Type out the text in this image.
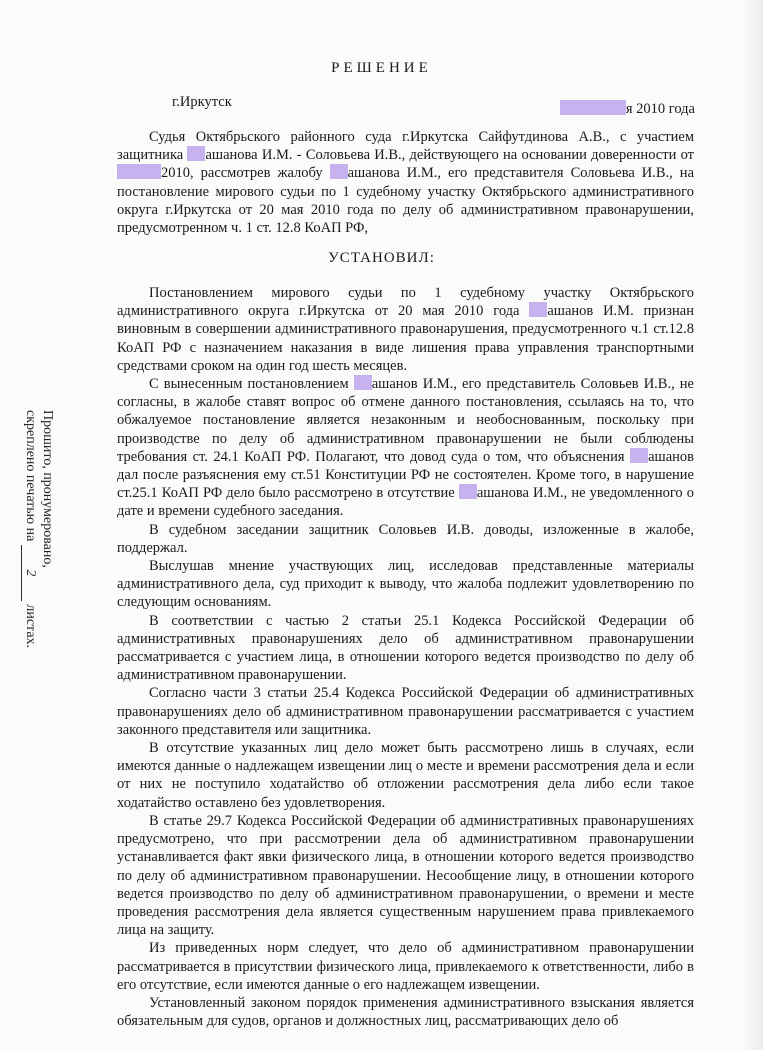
РЕШЕНИЕ
г.Иркутск	я 2010 года

Судья Октябрьского районного суда г.Иркутска Сайфутдинова А.В., с участием защитника ашанова И.М. - Соловьева И.В., действующего на основании доверенности от 2010, рассмотрев жалобу ашанова И.М., его представителя Соловьева И.В., на постановление мирового судьи по 1 судебному участку Октябрьского административного округа г.Иркутска от 20 мая 2010 года по делу об административном правонарушении, предусмотренном ч. 1 ст. 12.8 КоАП РФ,

УСТАНОВИЛ:

Постановлением мирового судьи по 1 судебному участку Октябрьского административного округа г.Иркутска от 20 мая 2010 года ашанов И.М. признан виновным в совершении административного правонарушения, предусмотренного ч.1 ст.12.8 КоАП РФ с назначением наказания в виде лишения права управления транспортными средствами сроком на один год шесть месяцев.

С вынесенным постановлением ашанов И.М., его представитель Соловьев И.В., не согласны, в жалобе ставят вопрос об отмене данного постановления, ссылаясь на то, что обжалуемое постановление является незаконным и необоснованным, поскольку при производстве по делу об административном правонарушении не были соблюдены требования ст. 24.1 КоАП РФ. Полагают, что довод суда о том, что объяснения ашанов дал после разъяснения ему ст.51 Конституции РФ не состоятелен. Кроме того, в нарушение ст.25.1 КоАП РФ дело было рассмотрено в отсутствие ашанова И.М., не уведомленного о дате и времени судебного заседания.

В судебном заседании защитник Соловьев И.В. доводы, изложенные в жалобе, поддержал.

Выслушав мнение участвующих лиц, исследовав представленные материалы административного дела, суд приходит к выводу, что жалоба подлежит удовлетворению по следующим основаниям.

В соответствии с частью 2 статьи 25.1 Кодекса Российской Федерации об административных правонарушениях дело об административном правонарушении рассматривается с участием лица, в отношении которого ведется производство по делу об административном правонарушении.

Согласно части 3 статьи 25.4 Кодекса Российской Федерации об административных правонарушениях дело об административном правонарушении рассматривается с участием законного представителя или защитника.

В отсутствие указанных лиц дело может быть рассмотрено лишь в случаях, если имеются данные о надлежащем извещении лиц о месте и времени рассмотрения дела и если от них не поступило ходатайство об отложении рассмотрения дела либо если такое ходатайство оставлено без удовлетворения.

В статье 29.7 Кодекса Российской Федерации об административных правонарушениях предусмотрено, что при рассмотрении дела об административном правонарушении устанавливается факт явки физического лица, в отношении которого ведется производство по делу об административном правонарушении. Несообщение лицу, в отношении которого ведется производство по делу об административном правонарушении, о времени и месте проведения рассмотрения дела является существенным нарушением права привлекаемого лица на защиту.

Из приведенных норм следует, что дело об административном правонарушении рассматривается в присутствии физического лица, привлекаемого к ответственности, либо в его отсутствие, если имеются данные о его надлежащем извещении.

Установленный законом порядок применения административного взыскания является обязательным для судов, органов и должностных лиц, рассматривающих дело об

Прошито, пронумеровано,
скреплено печатью на 2 листах.
